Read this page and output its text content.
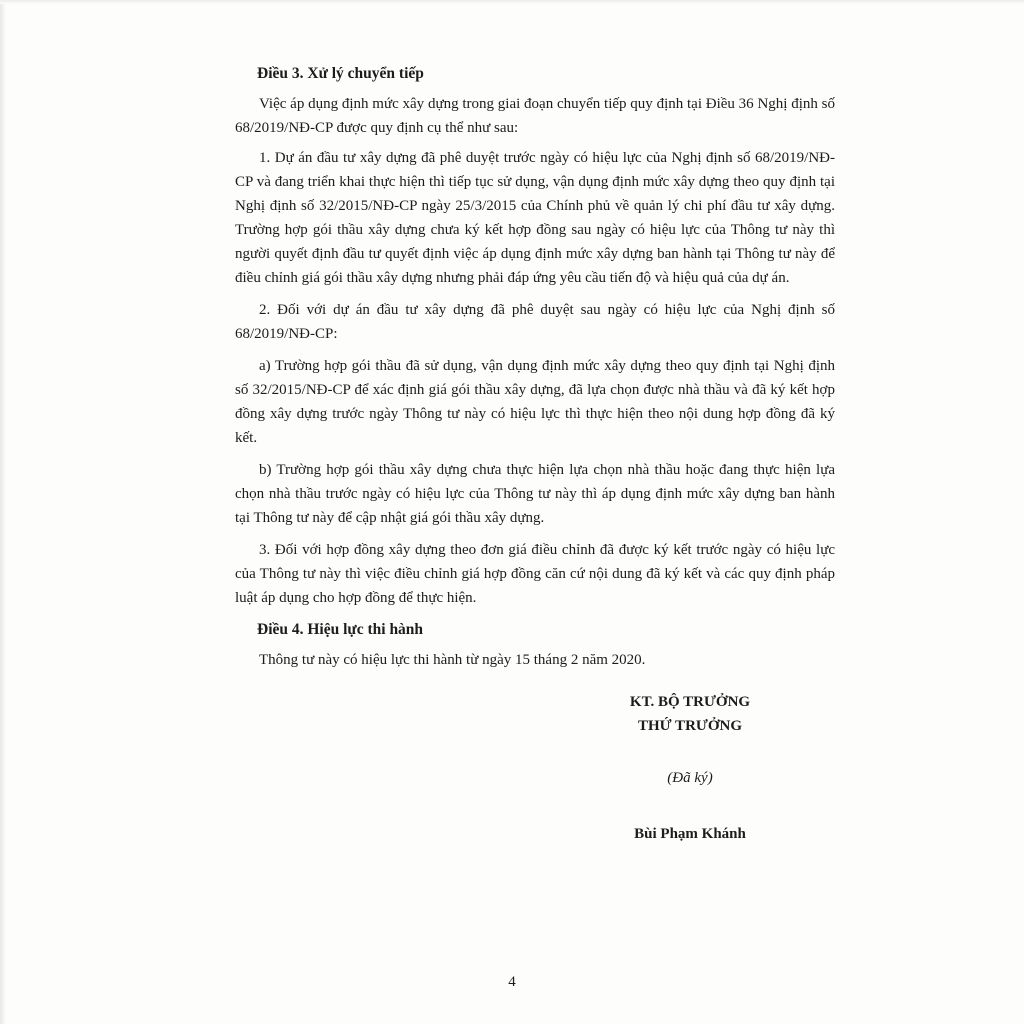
Điều 3. Xử lý chuyển tiếp

Việc áp dụng định mức xây dựng trong giai đoạn chuyển tiếp quy định tại Điều 36 Nghị định số 68/2019/NĐ-CP được quy định cụ thể như sau:

1. Dự án đầu tư xây dựng đã phê duyệt trước ngày có hiệu lực của Nghị định số 68/2019/NĐ-CP và đang triển khai thực hiện thì tiếp tục sử dụng, vận dụng định mức xây dựng theo quy định tại Nghị định số 32/2015/NĐ-CP ngày 25/3/2015 của Chính phủ về quản lý chi phí đầu tư xây dựng. Trường hợp gói thầu xây dựng chưa ký kết hợp đồng sau ngày có hiệu lực của Thông tư này thì người quyết định đầu tư quyết định việc áp dụng định mức xây dựng ban hành tại Thông tư này để điều chỉnh giá gói thầu xây dựng nhưng phải đáp ứng yêu cầu tiến độ và hiệu quả của dự án.

2. Đối với dự án đầu tư xây dựng đã phê duyệt sau ngày có hiệu lực của Nghị định số 68/2019/NĐ-CP:

a) Trường hợp gói thầu đã sử dụng, vận dụng định mức xây dựng theo quy định tại Nghị định số 32/2015/NĐ-CP để xác định giá gói thầu xây dựng, đã lựa chọn được nhà thầu và đã ký kết hợp đồng xây dựng trước ngày Thông tư này có hiệu lực thì thực hiện theo nội dung hợp đồng đã ký kết.

b) Trường hợp gói thầu xây dựng chưa thực hiện lựa chọn nhà thầu hoặc đang thực hiện lựa chọn nhà thầu trước ngày có hiệu lực của Thông tư này thì áp dụng định mức xây dựng ban hành tại Thông tư này để cập nhật giá gói thầu xây dựng.

3. Đối với hợp đồng xây dựng theo đơn giá điều chỉnh đã được ký kết trước ngày có hiệu lực của Thông tư này thì việc điều chỉnh giá hợp đồng căn cứ nội dung đã ký kết và các quy định pháp luật áp dụng cho hợp đồng để thực hiện.

Điều 4. Hiệu lực thi hành

Thông tư này có hiệu lực thi hành từ ngày 15 tháng 2 năm 2020.

KT. BỘ TRƯỞNG
THỨ TRƯỞNG
(Đã ký)
Bùi Phạm Khánh
4
